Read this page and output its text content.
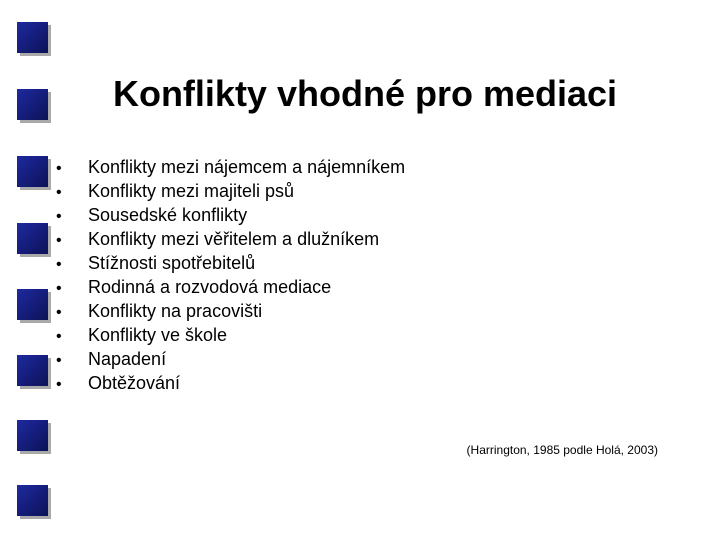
Konflikty vhodné pro mediaci
• Konflikty mezi nájemcem a nájemníkem
• Konflikty mezi majiteli psů
• Sousedské konflikty
• Konflikty mezi věřitelem a dlužníkem
• Stížnosti spotřebitelů
• Rodinná a rozvodová mediace
• Konflikty na pracovišti
• Konflikty ve škole
• Napadení
• Obtěžování
(Harrington, 1985 podle Holá, 2003)
